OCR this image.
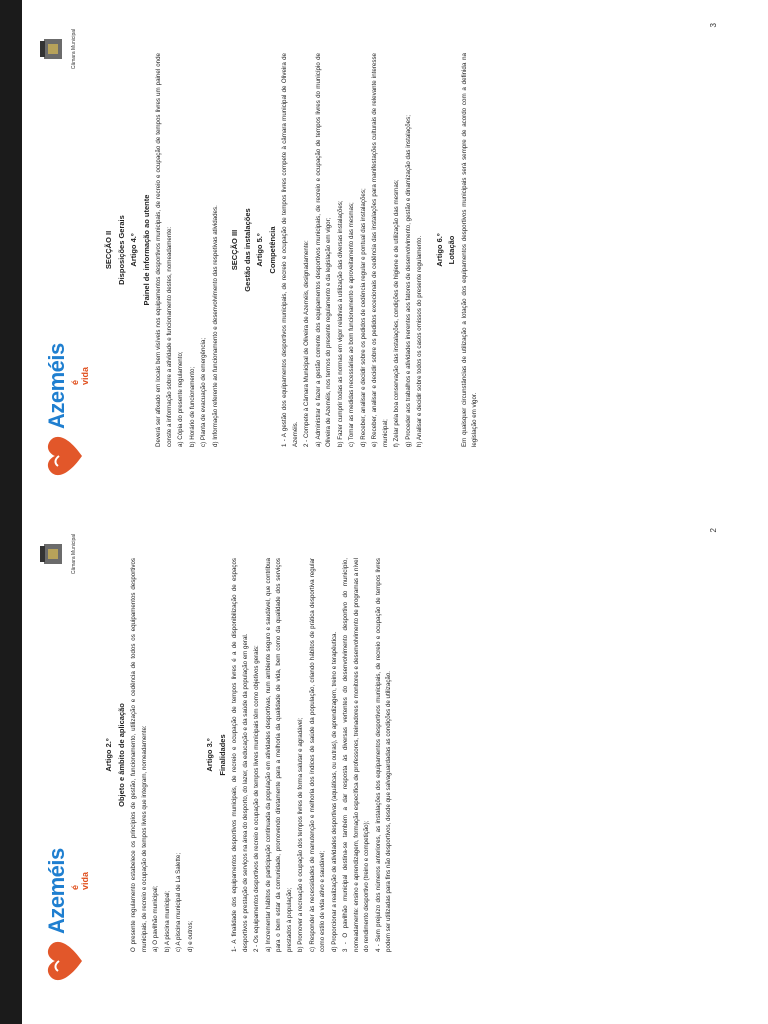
Azeméis é vida
Câmara Municipal
Artigo 2.º Objeto e âmbito de aplicação O presente regulamento estabelece os princípios de gestão, funcionamento, utilização e cedência de todos os equipamentos desportivos municipais, de recreio e ocupação de tempos livres que integram, nomeadamente: a) O pavilhão municipal; b) A piscina municipal; c) A piscina municipal de La Salette; d) e outros;

Artigo 3.º Finalidades 1- A finalidade dos equipamentos desportivos municipais, de recreio e ocupação de tempos livres é a de disponibilização de espaços desportivos e prestação de serviços na área do desporto, do lazer, da educação e da saúde da população em geral. 2 - Os equipamentos desportivos de recreio e ocupação de tempos livres municipais têm como objetivos gerais: a) Incrementar hábitos de participação continuada da população em atividades desportivas, num ambiente seguro e saudável, que contribua para o bem estar da comunidade, promovendo diretamente para a melhoria da qualidade de vida, bem como da qualidade dos serviços prestados à população; b) Promover a recreação e ocupação dos tempos livres de forma salutar e agradável; c) Responder às necessidades de manutenção e melhoria dos índices de saúde da população, criando hábitos de prática desportiva regular como estilo de vida ativo e saudável; d) Proporcionar a realização de atividades desportivas (aquáticas, ou outras), de aprendizagem, treino e terapêutica. 3 - O pavilhão municipal destina-se também a dar resposta às diversas vertentes do desenvolvimento desportivo do município, nomeadamente: ensino e aprendizagem, formação específica de professores, treinadores e monitores e desenvolvimento de programas a nível do rendimento desportivo (treino e competição); 4 - Sem prejuízo dos números anteriores, as instalações dos equipamentos desportivos municipais, de recreio e ocupação de tempos livres podem ser utilizadas para fins não desportivos, desde que salvaguardadas as condições de utilização.

2
Azeméis é vida
Câmara Municipal
SECÇÃO II Disposições Gerais Artigo 4.º Painel de informação ao utente Deverá ser afixado em locais bem visíveis nos equipamentos desportivos municipais, de recreio e ocupação de tempos livres um painel onde conste a informação sobre a atividade e funcionamento destes, nomeadamente: a) Cópia do presente regulamento; b) Horário de funcionamento; c) Planta de evacuação de emergência; d) Informação referente ao funcionamento e desenvolvimento das respetivas atividades.	SECÇÃO III Gestão das instalações Artigo 5.º Competência 1 - A gestão dos equipamentos desportivos municipais, de recreio e ocupação de tempos livres compete à câmara municipal de Oliveira de Azeméis. 2 - Compete à Câmara Municipal de Oliveira de Azeméis, designadamente: a) Administrar e fazer a gestão corrente dos equipamentos desportivos municipais, de recreio e ocupação de tempos livres do município de Oliveira de Azeméis, nos termos do presente regulamento e da legislação em vigor; b) Fazer cumprir todas as normas em vigor relativas à utilização das diversas instalações; c) Tomar as medidas necessárias ao bom funcionamento e aproveitamento das mesmas; d) Receber, analisar e decidir sobre os pedidos de cedência regular e pontual das instalações; e) Receber, analisar e decidir sobre os pedidos excecionais de cedência das instalações para manifestações culturais de relevante interesse municipal; f) Zelar pela boa conservação das instalações, condições de higiene e de utilização das mesmas; g) Proceder aos trabalhos e atividades inerentes aos fatores de desenvolvimento, gestão e dinamização das instalações; h) Analisar e decidir sobre todos os casos omissos do presente regulamento.	Artigo 6.º Lotação Em quaisquer circunstâncias de utilização a lotação dos equipamentos desportivos municipais será sempre de acordo com a definida na legislação em vigor.

3
